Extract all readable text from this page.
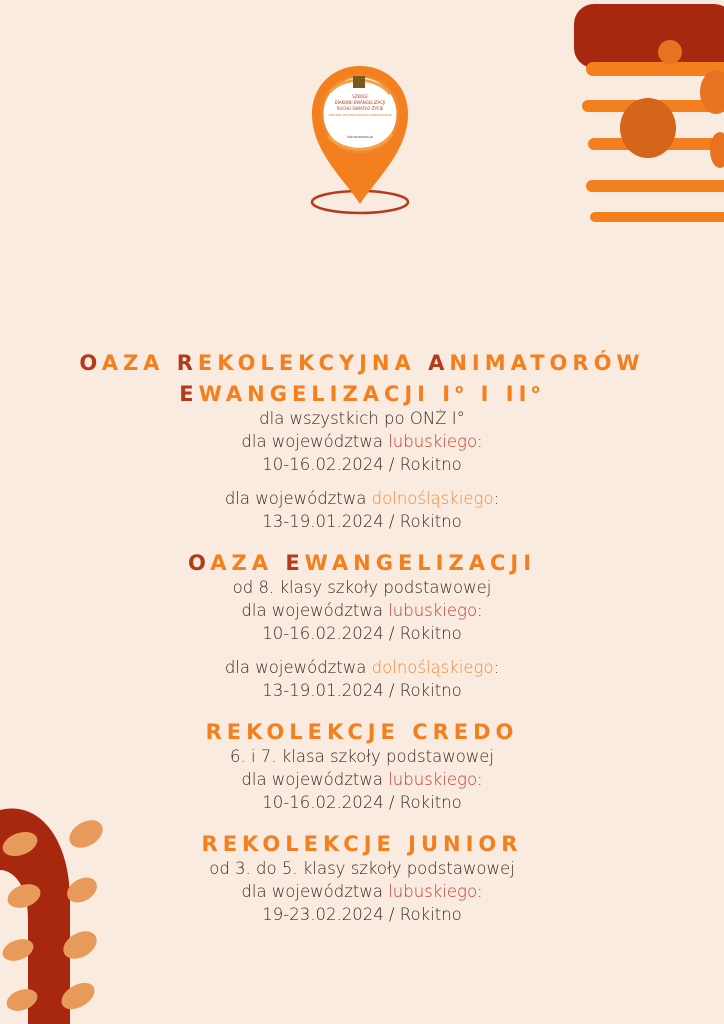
SZKOLE
DIAKONII EWANGELIZACJI
RUCHU ŚWIATŁO-ŻYCIE
DIECEZJI ZIELONOGÓRSKO-GORZOWSKIEJ
lubuskaoaza.pl
OAZA REKOLEKCYJNA ANIMATORÓW
EWANGELIZACJI $I^o$ I $II^o$

dla wszystkich po ONŻ I°

dla województwa lubuskiego:

10-16.02.2024 / Rokitno

dla województwa dolnośląskiego:

13-19.01.2024 / Rokitno

OAZA EWANGELIZACJI

od 8. klasy szkoły podstawowej

dla województwa lubuskiego:

10-16.02.2024 / Rokitno

dla województwa dolnośląskiego:

13-19.01.2024 / Rokitno

REKOLEKCJE CREDO

6. i 7. klasa szkoły podstawowej

dla województwa lubuskiego:

10-16.02.2024 / Rokitno

REKOLEKCJE JUNIOR

od 3. do 5. klasy szkoły podstawowej

dla województwa lubuskiego:

19-23.02.2024 / Rokitno
